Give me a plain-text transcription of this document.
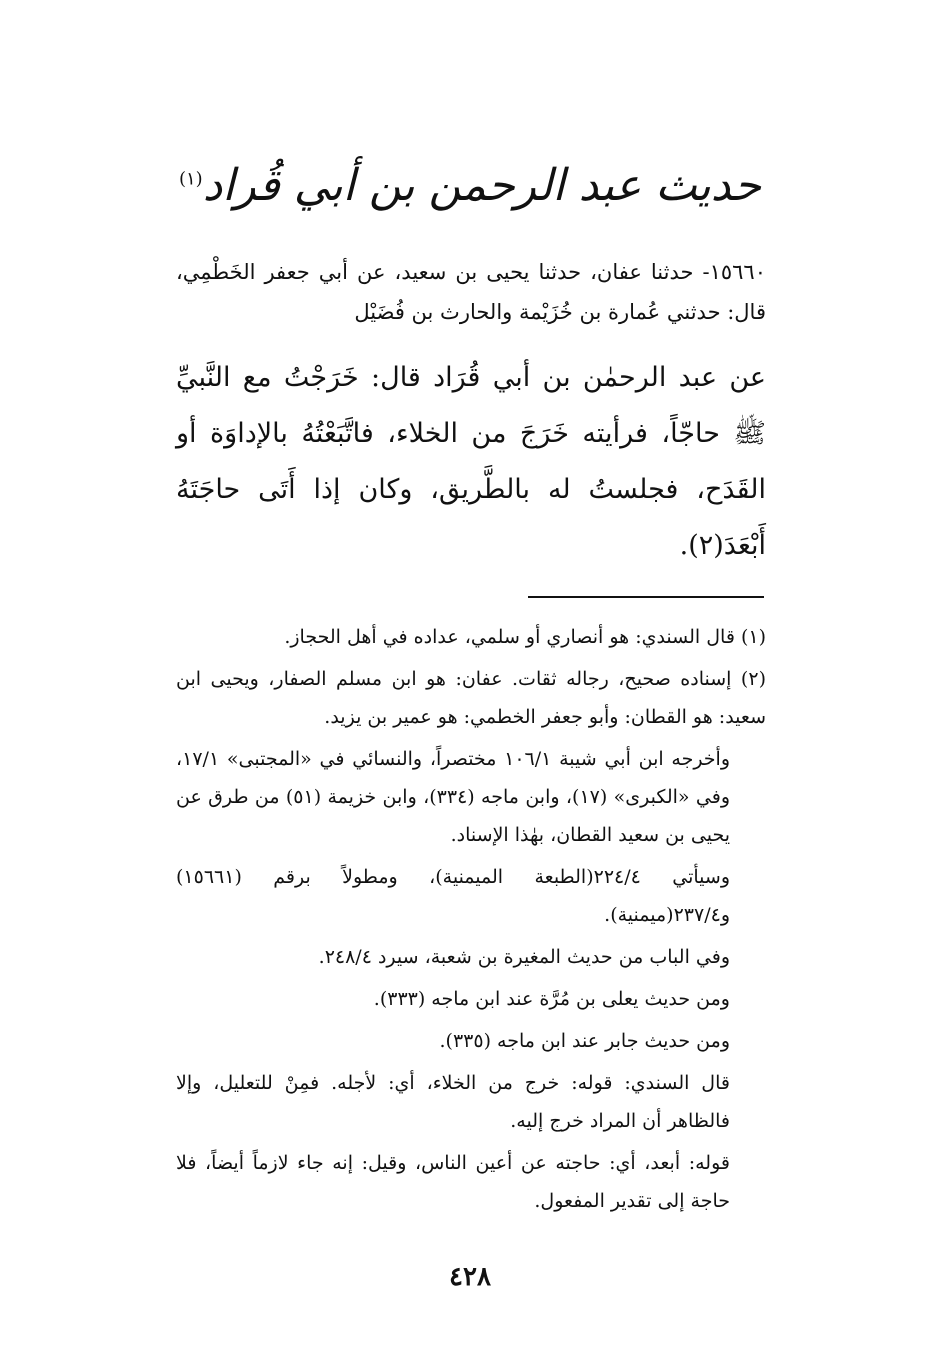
حديث عبد الرحمن بن أبي قُراد$^{(١)}$
١٥٦٦٠- حدثنا عفان، حدثنا يحيى بن سعيد، عن أبي جعفر الخَطْمِي، قال: حدثني عُمارة بن خُزَيْمة والحارث بن فُضَيْل
عن عبد الرحمٰن بن أبي قُرَاد قال: خَرَجْتُ مع النَّبيِّ ﷺ حاجّاً، فرأيته خَرَجَ من الخلاء، فاتَّبَعْتُهُ بالإداوَة أو القَدَح، فجلستُ له بالطَّريق، وكان إذا أَتَى حاجَتَهُ أَبْعَدَ(٢).

(١) قال السندي: هو أنصاري أو سلمي، عداده في أهل الحجاز.

(٢) إسناده صحيح، رجاله ثقات. عفان: هو ابن مسلم الصفار، ويحيى ابن سعيد: هو القطان: وأبو جعفر الخطمي: هو عمير بن يزيد.

وأخرجه ابن أبي شيبة ١٠٦/١ مختصراً، والنسائي في «المجتبى» ١٧/١، وفي «الكبرى» (١٧)، وابن ماجه (٣٣٤)، وابن خزيمة (٥١) من طرق عن يحيى بن سعيد القطان، بهٰذا الإسناد.

وسيأتي ٢٢٤/٤(الطبعة الميمنية)، ومطولاً برقم (١٥٦٦١) و٢٣٧/٤(ميمنية).

وفي الباب من حديث المغيرة بن شعبة، سيرد ٢٤٨/٤.

ومن حديث يعلى بن مُرَّة عند ابن ماجه (٣٣٣).

ومن حديث جابر عند ابن ماجه (٣٣٥).

قال السندي: قوله: خرج من الخلاء، أي: لأجله. فمِنْ للتعليل، وإلا فالظاهر أن المراد خرج إليه.

قوله: أبعد، أي: حاجته عن أعين الناس، وقيل: إنه جاء لازماً أيضاً، فلا حاجة إلى تقدير المفعول.

٤٢٨
